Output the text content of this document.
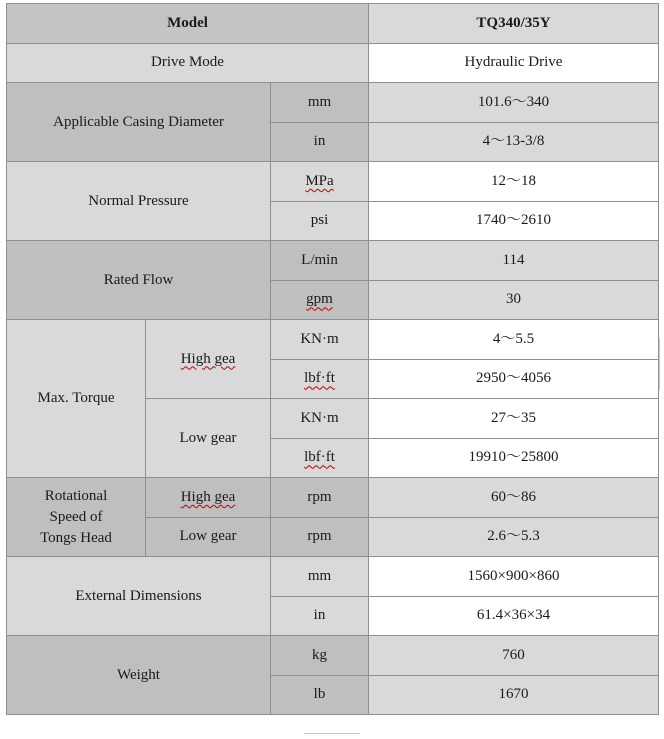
Model			TQ340/35Y
Drive Mode			Hydraulic Drive
Applicable Casing Diameter		mm	101.6～340
		in	4～13-3/8
Normal Pressure		MPa	12～18
		psi	1740～2610
Rated Flow		L/min	114
		gpm	30
Max. Torque	High gea	KN·m	4～5.5
		lbf·ft	2950～4056
	Low gear	KN·m	27～35
		lbf·ft	19910～25800

Rotational
Speed of
Tongs Head	High gea	rpm	60～86
	Low gear	rpm	2.6～5.3
External Dimensions		mm	1560×900×860
		in	61.4×36×34
Weight		kg	760
		lb	1670
